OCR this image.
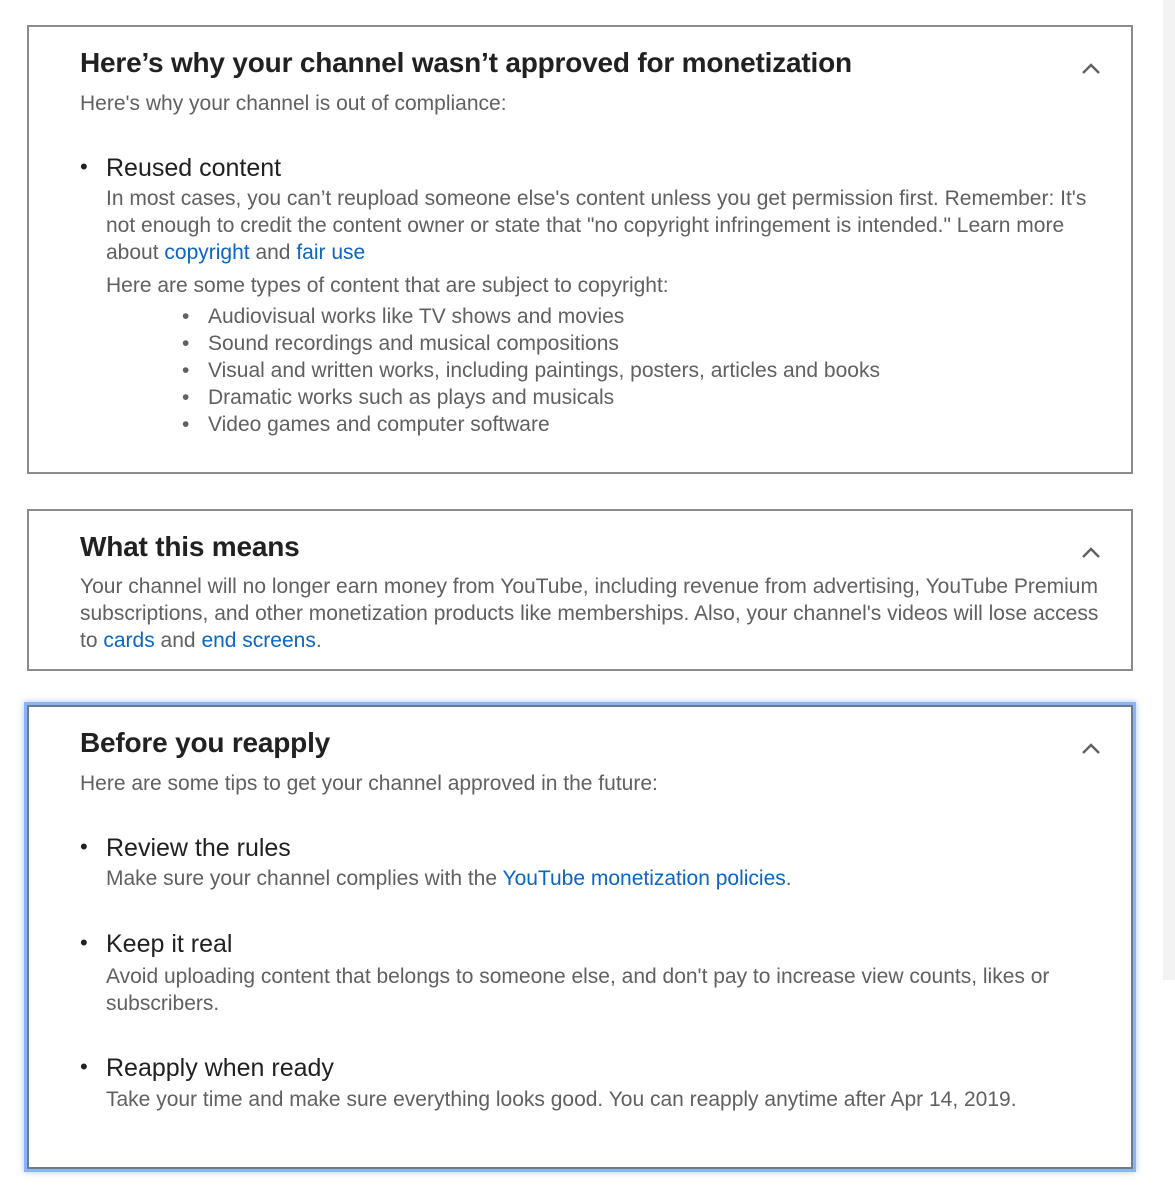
Here’s why your channel wasn’t approved for monetization
Here's why your channel is out of compliance:
• Reused content
In most cases, you can’t reupload someone else's content unless you get permission first. Remember: It's not enough to credit the content owner or state that "no copyright infringement is intended." Learn more about copyright and fair use
Here are some types of content that are subject to copyright:
• Audiovisual works like TV shows and movies
• Sound recordings and musical compositions
• Visual and written works, including paintings, posters, articles and books
• Dramatic works such as plays and musicals
• Video games and computer software
What this means
Your channel will no longer earn money from YouTube, including revenue from advertising, YouTube Premium subscriptions, and other monetization products like memberships. Also, your channel's videos will lose access to cards and end screens.
Before you reapply
Here are some tips to get your channel approved in the future:
• Review the rules
Make sure your channel complies with the YouTube monetization policies.
• Keep it real
Avoid uploading content that belongs to someone else, and don't pay to increase view counts, likes or subscribers.
• Reapply when ready
Take your time and make sure everything looks good. You can reapply anytime after Apr 14, 2019.
